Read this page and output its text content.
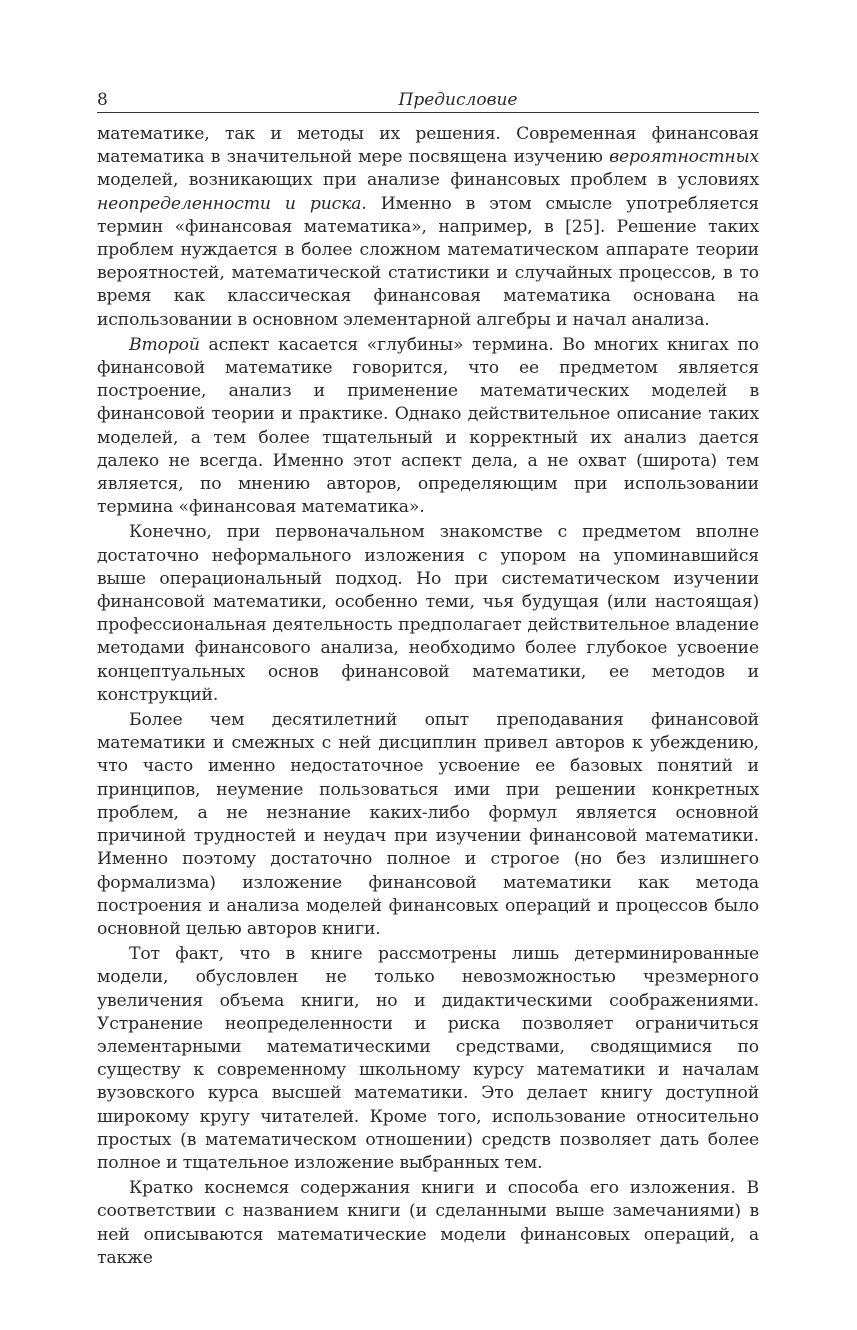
8	Предисловие

математике, так и методы их решения. Современная финансовая математика в значительной мере посвящена изучению вероятностных моделей, возникающих при анализе финансовых проблем в условиях неопределенности и риска. Именно в этом смысле употребляется термин «финансовая математика», например, в [25]. Решение таких проблем нуждается в более сложном математическом аппарате теории вероятностей, математической статистики и случайных процессов, в то время как классическая финансовая математика основана на использовании в основном элементарной алгебры и начал анализа.

Второй аспект касается «глубины» термина. Во многих книгах по финансовой математике говорится, что ее предметом является построение, анализ и применение математических моделей в финансовой теории и практике. Однако действительное описание таких моделей, а тем более тщательный и корректный их анализ дается далеко не всегда. Именно этот аспект дела, а не охват (широта) тем является, по мнению авторов, определяющим при использовании термина «финансовая математика».

Конечно, при первоначальном знакомстве с предметом вполне достаточно неформального изложения с упором на упоминавшийся выше операциональный подход. Но при систематическом изучении финансовой математики, особенно теми, чья будущая (или настоящая) профессиональная деятельность предполагает действительное владение методами финансового анализа, необходимо более глубокое усвоение концептуальных основ финансовой математики, ее методов и конструкций.

Более чем десятилетний опыт преподавания финансовой математики и смежных с ней дисциплин привел авторов к убеждению, что часто именно недостаточное усвоение ее базовых понятий и принципов, неумение пользоваться ими при решении конкретных проблем, а не незнание каких-либо формул является основной причиной трудностей и неудач при изучении финансовой математики. Именно поэтому достаточно полное и строгое (но без излишнего формализма) изложение финансовой математики как метода построения и анализа моделей финансовых операций и процессов было основной целью авторов книги.

Тот факт, что в книге рассмотрены лишь детерминированные модели, обусловлен не только невозможностью чрезмерного увеличения объема книги, но и дидактическими соображениями. Устранение неопределенности и риска позволяет ограничиться элементарными математическими средствами, сводящимися по существу к современному школьному курсу математики и началам вузовского курса высшей математики. Это делает книгу доступной широкому кругу читателей. Кроме того, использование относительно простых (в математическом отношении) средств позволяет дать более полное и тщательное изложение выбранных тем.

Кратко коснемся содержания книги и способа его изложения. В соответствии с названием книги (и сделанными выше замечаниями) в ней описываются математические модели финансовых операций, а также
